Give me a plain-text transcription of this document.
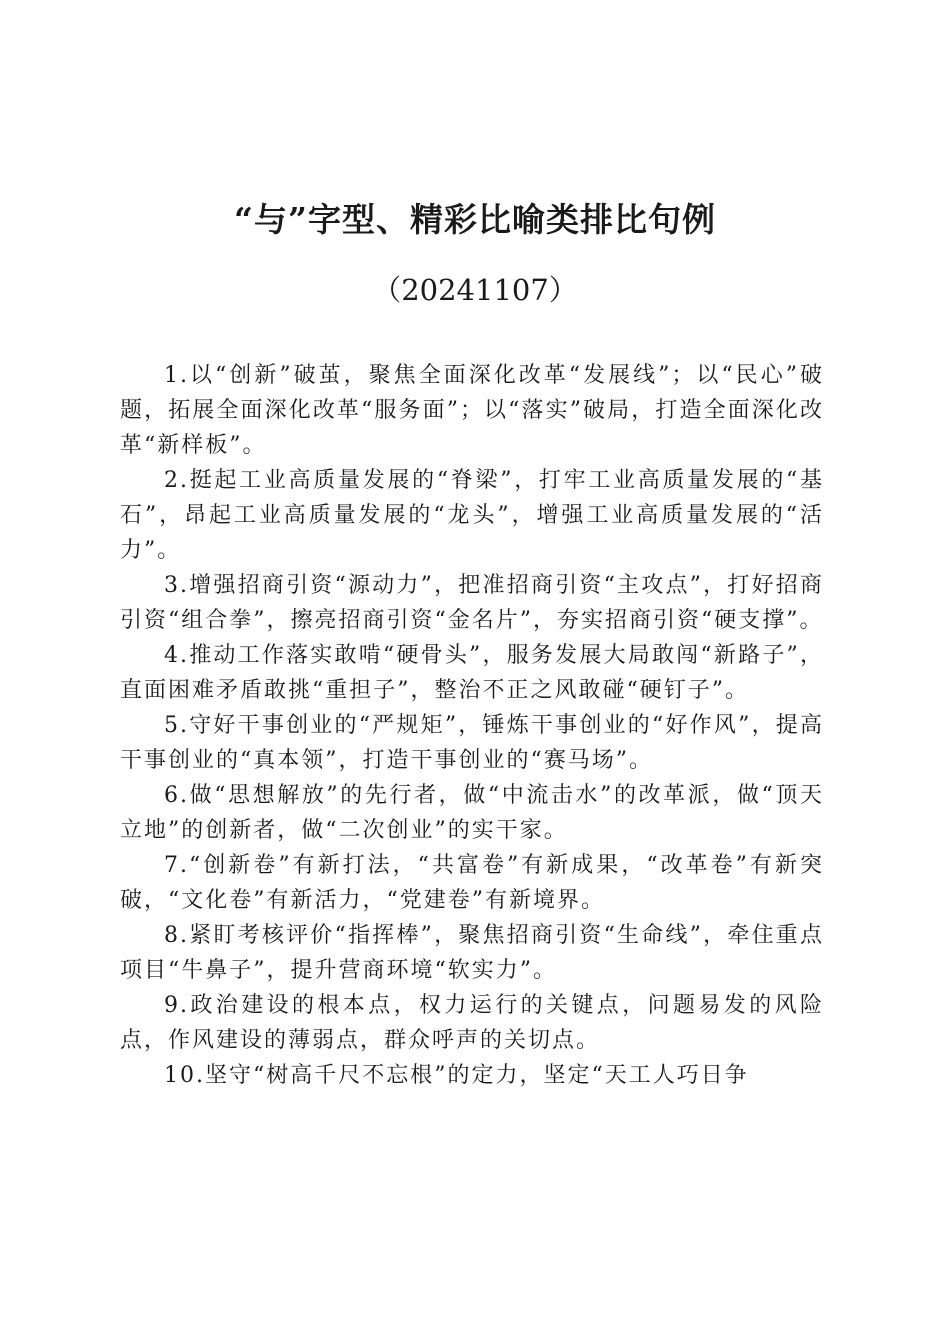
“与”字型、精彩比喻类排比句例

（20241107）

1.以“创新”破茧，聚焦全面深化改革“发展线”；以“民心”破题，拓展全面深化改革“服务面”；以“落实”破局，打造全面深化改革“新样板”。

2.挺起工业高质量发展的“脊梁”，打牢工业高质量发展的“基石”，昂起工业高质量发展的“龙头”，增强工业高质量发展的“活力”。

3.增强招商引资“源动力”，把准招商引资“主攻点”，打好招商引资“组合拳”，擦亮招商引资“金名片”，夯实招商引资“硬支撑”。

4.推动工作落实敢啃“硬骨头”，服务发展大局敢闯“新路子”，直面困难矛盾敢挑“重担子”，整治不正之风敢碰“硬钉子”。

5.守好干事创业的“严规矩”，锤炼干事创业的“好作风”，提高干事创业的“真本领”，打造干事创业的“赛马场”。

6.做“思想解放”的先行者，做“中流击水”的改革派，做“顶天立地”的创新者，做“二次创业”的实干家。

7.“创新卷”有新打法，“共富卷”有新成果，“改革卷”有新突破，“文化卷”有新活力，“党建卷”有新境界。

8.紧盯考核评价“指挥棒”，聚焦招商引资“生命线”，牵住重点项目“牛鼻子”，提升营商环境“软实力”。

9.政治建设的根本点，权力运行的关键点，问题易发的风险点，作风建设的薄弱点，群众呼声的关切点。

10.坚守“树高千尺不忘根”的定力，坚定“天工人巧日争
